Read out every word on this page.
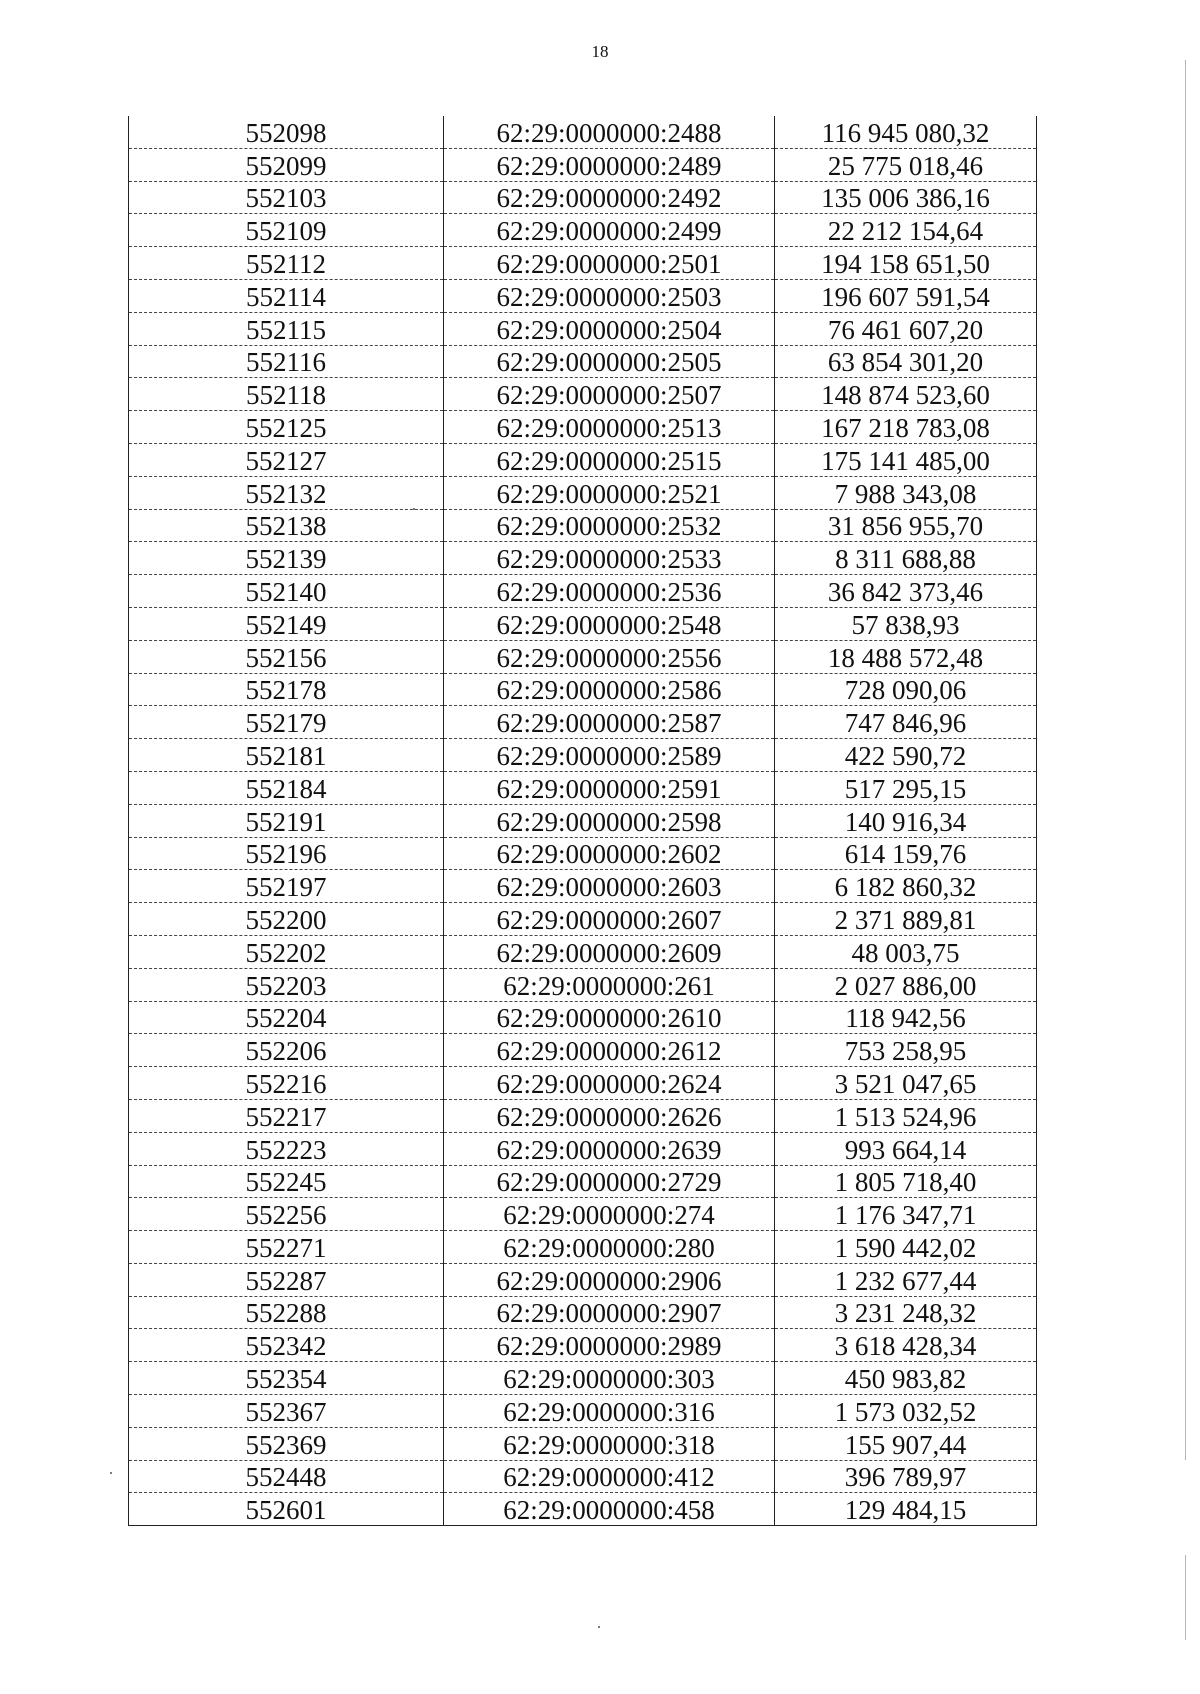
18
552098	62:29:0000000:2488	116 945 080,32
552099	62:29:0000000:2489	25 775 018,46
552103	62:29:0000000:2492	135 006 386,16
552109	62:29:0000000:2499	22 212 154,64
552112	62:29:0000000:2501	194 158 651,50
552114	62:29:0000000:2503	196 607 591,54
552115	62:29:0000000:2504	76 461 607,20
552116	62:29:0000000:2505	63 854 301,20
552118	62:29:0000000:2507	148 874 523,60
552125	62:29:0000000:2513	167 218 783,08
552127	62:29:0000000:2515	175 141 485,00
552132	62:29:0000000:2521	7 988 343,08
552138	62:29:0000000:2532	31 856 955,70
552139	62:29:0000000:2533	8 311 688,88
552140	62:29:0000000:2536	36 842 373,46
552149	62:29:0000000:2548	57 838,93
552156	62:29:0000000:2556	18 488 572,48
552178	62:29:0000000:2586	728 090,06
552179	62:29:0000000:2587	747 846,96
552181	62:29:0000000:2589	422 590,72
552184	62:29:0000000:2591	517 295,15
552191	62:29:0000000:2598	140 916,34
552196	62:29:0000000:2602	614 159,76
552197	62:29:0000000:2603	6 182 860,32
552200	62:29:0000000:2607	2 371 889,81
552202	62:29:0000000:2609	48 003,75
552203	62:29:0000000:261	2 027 886,00
552204	62:29:0000000:2610	118 942,56
552206	62:29:0000000:2612	753 258,95
552216	62:29:0000000:2624	3 521 047,65
552217	62:29:0000000:2626	1 513 524,96
552223	62:29:0000000:2639	993 664,14
552245	62:29:0000000:2729	1 805 718,40
552256	62:29:0000000:274	1 176 347,71
552271	62:29:0000000:280	1 590 442,02
552287	62:29:0000000:2906	1 232 677,44
552288	62:29:0000000:2907	3 231 248,32
552342	62:29:0000000:2989	3 618 428,34
552354	62:29:0000000:303	450 983,82
552367	62:29:0000000:316	1 573 032,52
552369	62:29:0000000:318	155 907,44
552448	62:29:0000000:412	396 789,97
552601	62:29:0000000:458	129 484,15
